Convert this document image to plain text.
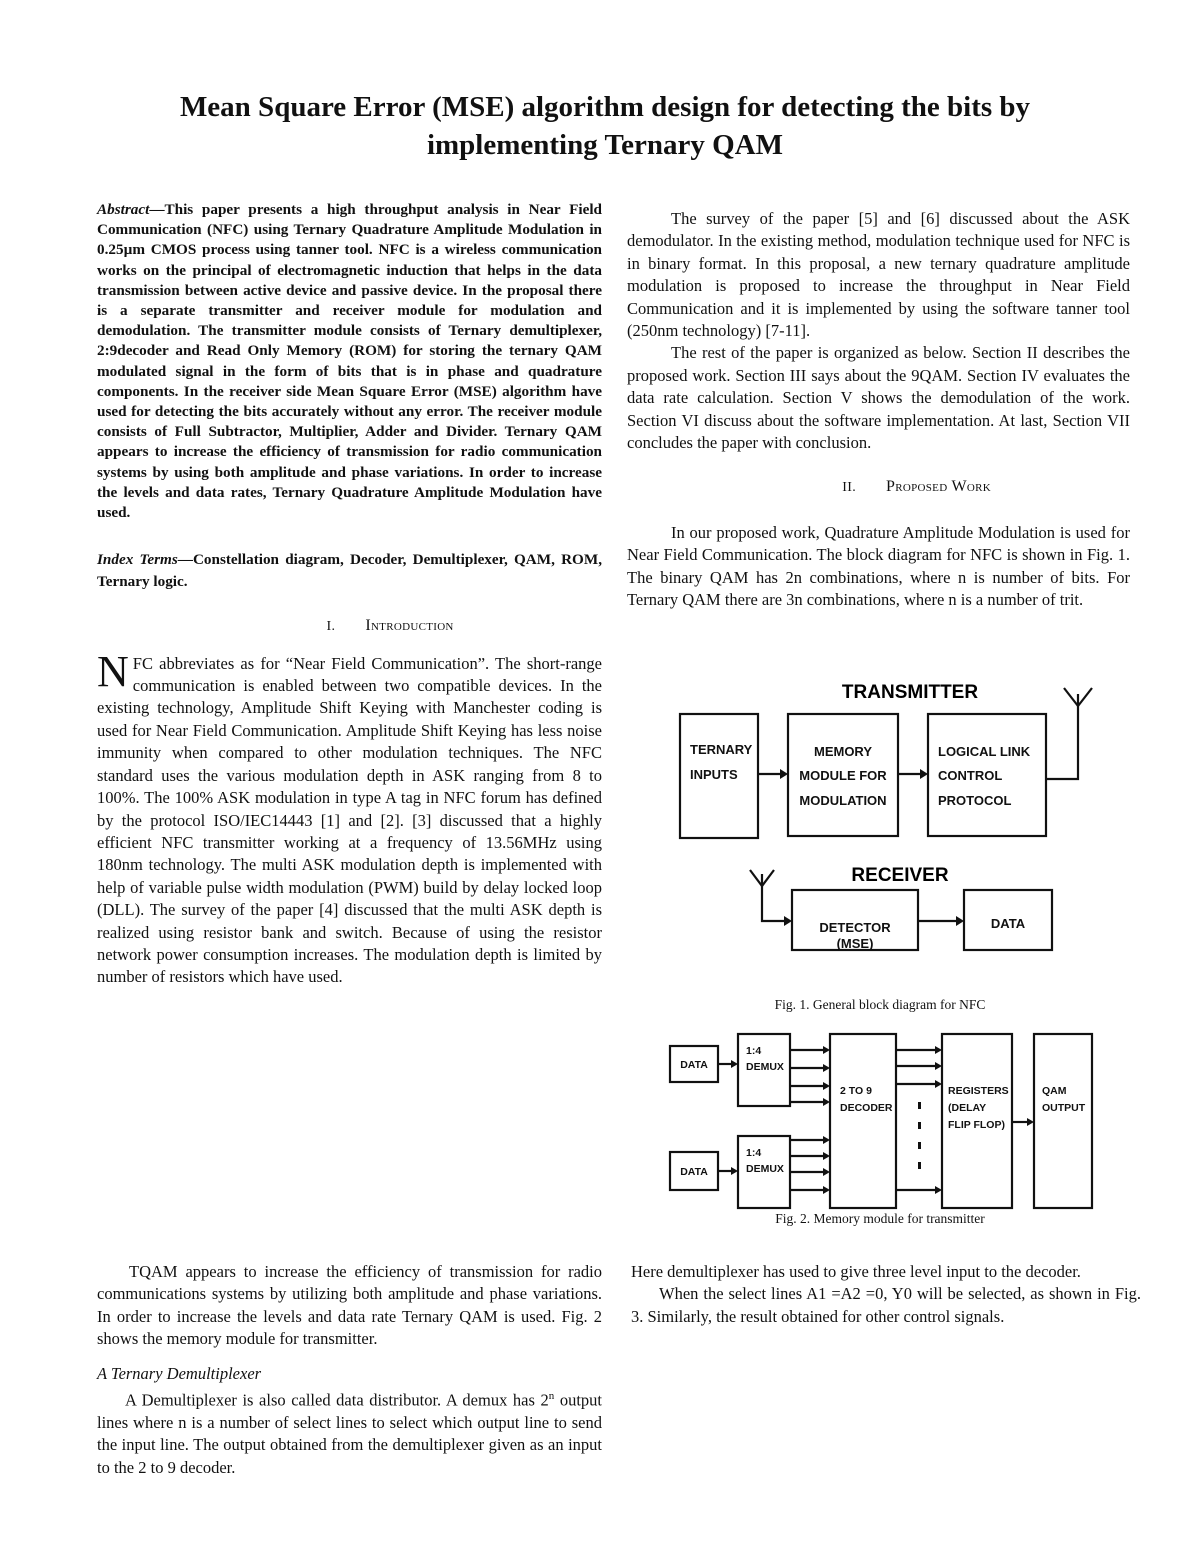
Mean Square Error (MSE) algorithm design for detecting the bits by
implementing Ternary QAM

Abstract—This paper presents a high throughput analysis in Near Field Communication (NFC) using Ternary Quadrature Amplitude Modulation in 0.25µm CMOS process using tanner tool. NFC is a wireless communication works on the principal of electromagnetic induction that helps in the data transmission between active device and passive device. In the proposal there is a separate transmitter and receiver module for modulation and demodulation. The transmitter module consists of Ternary demultiplexer, 2:9decoder and Read Only Memory (ROM) for storing the ternary QAM modulated signal in the form of bits that is in phase and quadrature components. In the receiver side Mean Square Error (MSE) algorithm have used for detecting the bits accurately without any error. The receiver module consists of Full Subtractor, Multiplier, Adder and Divider. Ternary QAM appears to increase the efficiency of transmission for radio communication systems by using both amplitude and phase variations. In order to increase the levels and data rates, Ternary Quadrature Amplitude Modulation have used.

Index Terms—Constellation diagram, Decoder, Demultiplexer, QAM, ROM, Ternary logic.

I. Introduction

NFC abbreviates as for “Near Field Communication”. The short-range communication is enabled between two compatible devices. In the existing technology, Amplitude Shift Keying with Manchester coding is used for Near Field Communication. Amplitude Shift Keying has less noise immunity when compared to other modulation techniques. The NFC standard uses the various modulation depth in ASK ranging from 8 to 100%. The 100% ASK modulation in type A tag in NFC forum has defined by the protocol ISO/IEC14443 [1] and [2]. [3] discussed that a highly efficient NFC transmitter working at a frequency of 13.56MHz using 180nm technology. The multi ASK modulation depth is implemented with help of variable pulse width modulation (PWM) build by delay locked loop (DLL). The survey of the paper [4] discussed that the multi ASK depth is realized using resistor bank and switch. Because of using the resistor network power consumption increases. The modulation depth is limited by number of resistors which have used.

The survey of the paper [5] and [6] discussed about the ASK demodulator. In the existing method, modulation technique used for NFC is in binary format. In this proposal, a new ternary quadrature amplitude modulation is proposed to increase the throughput in Near Field Communication and it is implemented by using the software tanner tool (250nm technology) [7-11].

The rest of the paper is organized as below. Section II describes the proposed work. Section III says about the 9QAM. Section IV evaluates the data rate calculation. Section V shows the demodulation of the work. Section VI discuss about the software implementation. At last, Section VII concludes the paper with conclusion.

II. Proposed Work

In our proposed work, Quadrature Amplitude Modulation is used for Near Field Communication. The block diagram for NFC is shown in Fig. 1. The binary QAM has 2n combinations, where n is number of bits. For Ternary QAM there are 3n combinations, where n is a number of trit.

TRANSMITTER
TERNARY
INPUTS
MEMORY
MODULE FOR
MODULATION
LOGICAL LINK
CONTROL
PROTOCOL
DETECTOR
(MSE)
DATA
RECEIVER
Fig. 1. General block diagram for NFC
DATA
DATA
1:4
DEMUX
1:4
DEMUX
2 TO 9
DECODER
REGISTERS
(DELAY
FLIP FLOP)
QAM
OUTPUT
Fig. 2. Memory module for transmitter

TQAM appears to increase the efficiency of transmission for radio communications systems by utilizing both amplitude and phase variations. In order to increase the levels and data rate Ternary QAM is used. Fig. 2 shows the memory module for transmitter.

A Ternary Demultiplexer

A Demultiplexer is also called data distributor. A demux has 2$^n$ output lines where n is a number of select lines to select which output line to send the input line. The output obtained from the demultiplexer given as an input to the 2 to 9 decoder.

Here demultiplexer has used to give three level input to the decoder.

When the select lines A1 =A2 =0, Y0 will be selected, as shown in Fig. 3. Similarly, the result obtained for other control signals.
